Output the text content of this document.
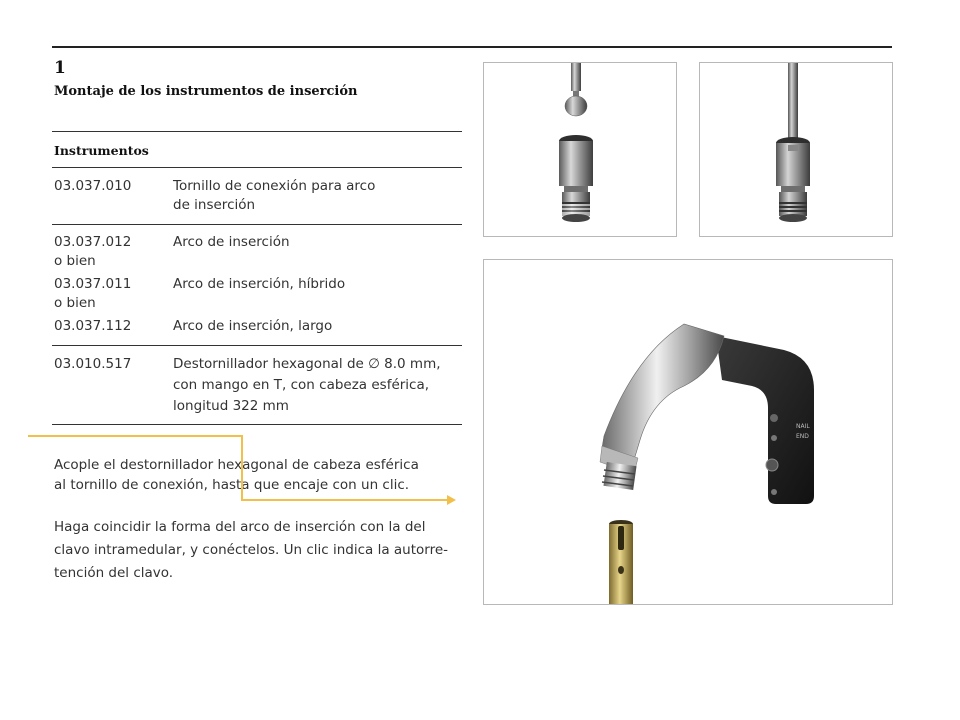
1
Montaje de los instrumentos de inserción
Instrumentos
03.037.010	Tornillo de conexión para arco
de inserción
03.037.012	Arco de inserción
o bien
03.037.011	Arco de inserción, híbrido
o bien
03.037.112	Arco de inserción, largo
03.010.517	Destornillador hexagonal de ∅ 8.0 mm,
con mango en T, con cabeza esférica,
longitud 322 mm
Acople el destornillador hexagonal de cabeza esférica
al tornillo de conexión, hasta que encaje con un clic.
Haga coincidir la forma del arco de inserción con la del
clavo intramedular, y conéctelos. Un clic indica la autorre-
tención del clavo.
NAIL
END
